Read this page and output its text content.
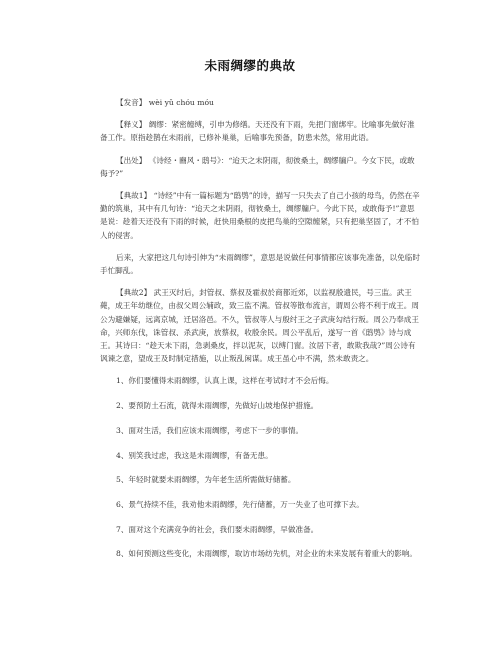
未雨绸缪的典故

【发音】 wèi yǔ chóu móu

【释义】 绸缪：紧密缠缚，引申为修缮。天还没有下雨，先把门窗绑牢。比喻事先做好准备工作。原指趁鹊在未雨前，已修补巢巢，后喻事先预备，防患未然，常用此语。

【出处】 《诗经・豳风・鸱号》：“迨天之未阴雨，彻彼桑土，绸缪牖户。今女下民，或敢侮予?”

【典故1】 “诗经”中有一篇标题为“鸱鸮”的诗，描写一只失去了自己小孩的母鸟，仍然在辛勤的筑巢，其中有几句诗：“迨天之未阴雨，彻彼桑土，绸缪牖户。今此下民，或敢侮予!”意思是说：趁着天还没有下雨的时候，赶快用桑根的皮把鸟巢的空隙缠紧，只有把巢坚固了，才不怕人的侵害。

后来，大家把这几句诗引伸为“未雨绸缪”，意思是说做任何事情都应该事先准备，以免临时手忙脚乱。

【典故2】 武王灭纣后，封管叔、蔡叔及霍叔於商都近郊，以监视殷遗民，号三监。武王薨，成王年幼继位，由叔父周公辅政，致三监不满。管叔等散布流言，谓周公将不利于成王。周公为避嫌疑，远离京城，迁居洛邑。不久，管叔等人与殷纣王之子武庚勾结行叛。周公乃奉成王命，兴师东伐，诛管叔、杀武庚，放蔡叔，收殷余民。周公平乱后，遂写一首《鸱鸮》诗与成王。其诗曰：“趁天未下雨，急剥桑皮，拌以泥灰，以缚门窗。汝居下者，敢欺我哉?”周公诗有讽谏之意，望成王及时制定措施，以止叛乱闲谋。成王虽心中不满，然未敢责之。

1、你们要懂得未雨绸缪，认真上课，这样在考试时才不会后悔。

2、要预防土石流，就得未雨绸缪，先做好山坡地保护措施。

3、面对生活，我们应该未雨绸缪，考虑下一步的事情。

4、别笑我过虑，我这是未雨绸缪，有备无患。

5、年轻时就要未雨绸缪，为年老生活所需做好储蓄。

6、景气持续不佳，我劝他未雨绸缪，先行储蓄，万一失业了也可撑下去。

7、面对这个充满竞争的社会，我们要未雨绸缪，早做准备。

8、如何预测这些变化，未雨绸缪，取访市场纺先机，对企业的未来发展有着重大的影响。
